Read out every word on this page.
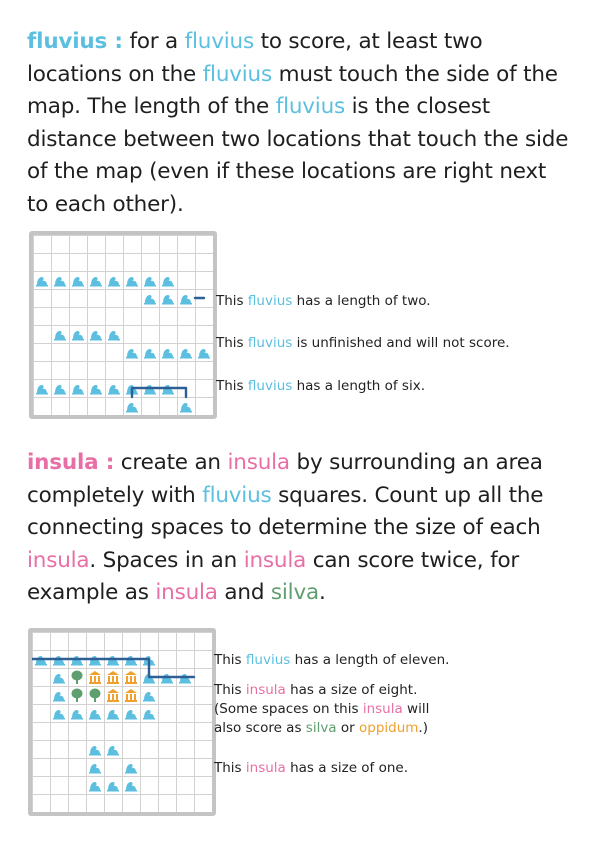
fluvius : for a fluvius to score, at least two locations on the fluvius must touch the side of the map. The length of the fluvius is the closest distance between two locations that touch the side of the map (even if these locations are right next to each other).
This fluvius has a length of two.
This fluvius is unfinished and will not score.
This fluvius has a length of six.
insula : create an insula by surrounding an area completely with fluvius squares. Count up all the connecting spaces to determine the size of each insula. Spaces in an insula can score twice, for example as insula and silva.
This fluvius has a length of eleven.
This insula has a size of eight.
(Some spaces on this insula will
also score as silva or oppidum.)
This insula has a size of one.
